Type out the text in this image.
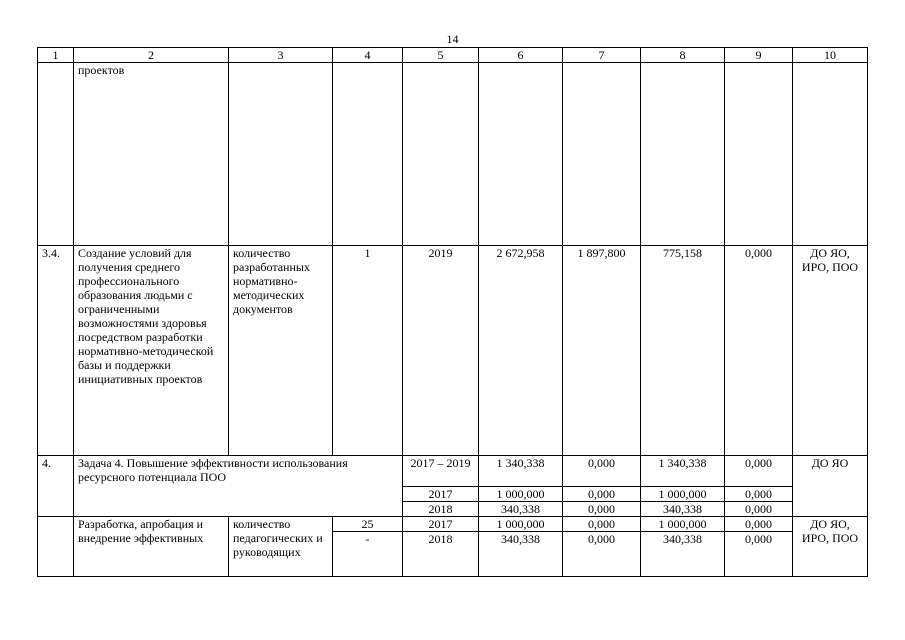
14
1	2	3	4	5	6	7	8	9	10
	проектов								
3.4.	Создание условий для получения среднего профессионального образования людьми с ограниченными возможностями здоровья посредством разработки нормативно-методической базы и поддержки инициативных проектов	количество разработанных нормативно-методических документов	1	2019	2 672,958	1 897,800	775,158	0,000	ДО ЯО, ИРО, ПОО
4.	Задача 4. Повышение эффективности использования ресурсного потенциала ПОО			2017 – 2019	1 340,338	0,000	1 340,338	0,000	ДО ЯО
				2017	1 000,000	0,000	1 000,000	0,000	
				2018	340,338	0,000	340,338	0,000	
	Разработка, апробация и внедрение эффективных	количество педагогических и руководящих	25	2017	1 000,000	0,000	1 000,000	0,000	ДО ЯО, ИРО, ПОО
			-	2018	340,338	0,000	340,338	0,000	
